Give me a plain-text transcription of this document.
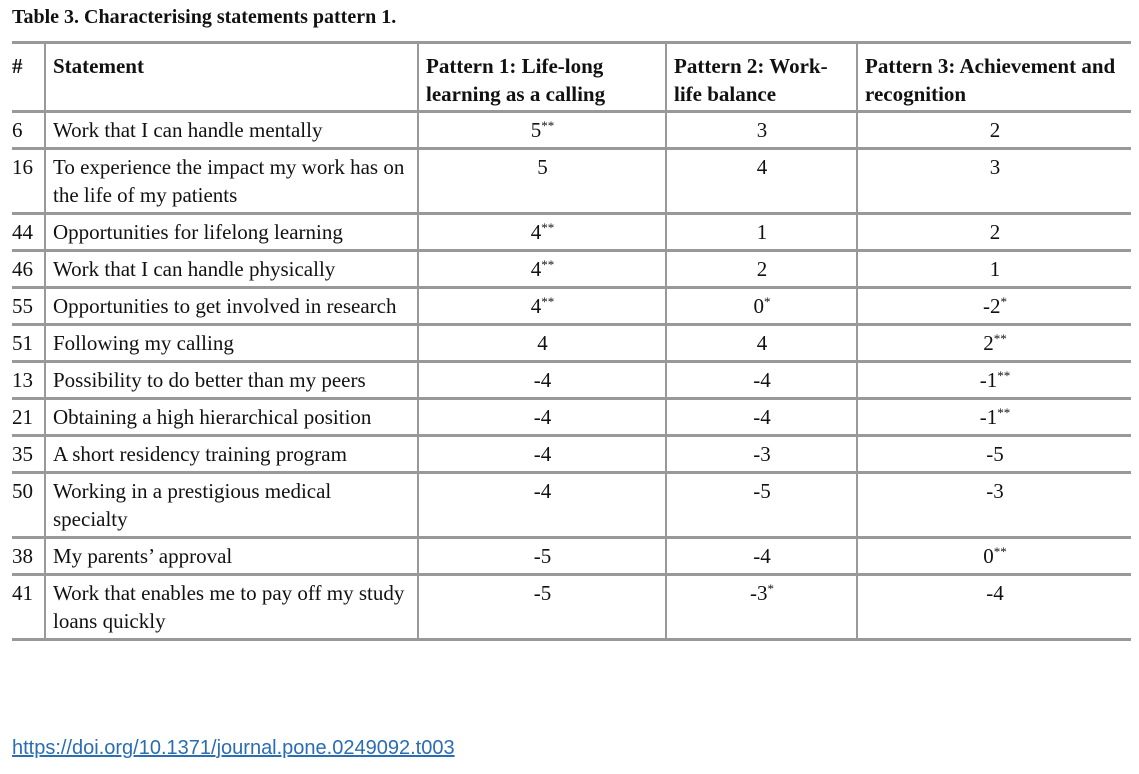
Table 3. Characterising statements pattern 1.
#	Statement	Pattern 1: Life-long learning as a calling	Pattern 2: Work-life balance	Pattern 3: Achievement and recognition
6	Work that I can handle mentally	5**	3	2
16	To experience the impact my work has on the life of my patients	5	4	3
44	Opportunities for lifelong learning	4**	1	2
46	Work that I can handle physically	4**	2	1
55	Opportunities to get involved in research	4**	0*	-2*
51	Following my calling	4	4	2**
13	Possibility to do better than my peers	-4	-4	-1**
21	Obtaining a high hierarchical position	-4	-4	-1**
35	A short residency training program	-4	-3	-5
50	Working in a prestigious medical specialty	-4	-5	-3
38	My parents’ approval	-5	-4	0**
41	Work that enables me to pay off my study loans quickly	-5	-3*	-4
https://doi.org/10.1371/journal.pone.0249092.t003
